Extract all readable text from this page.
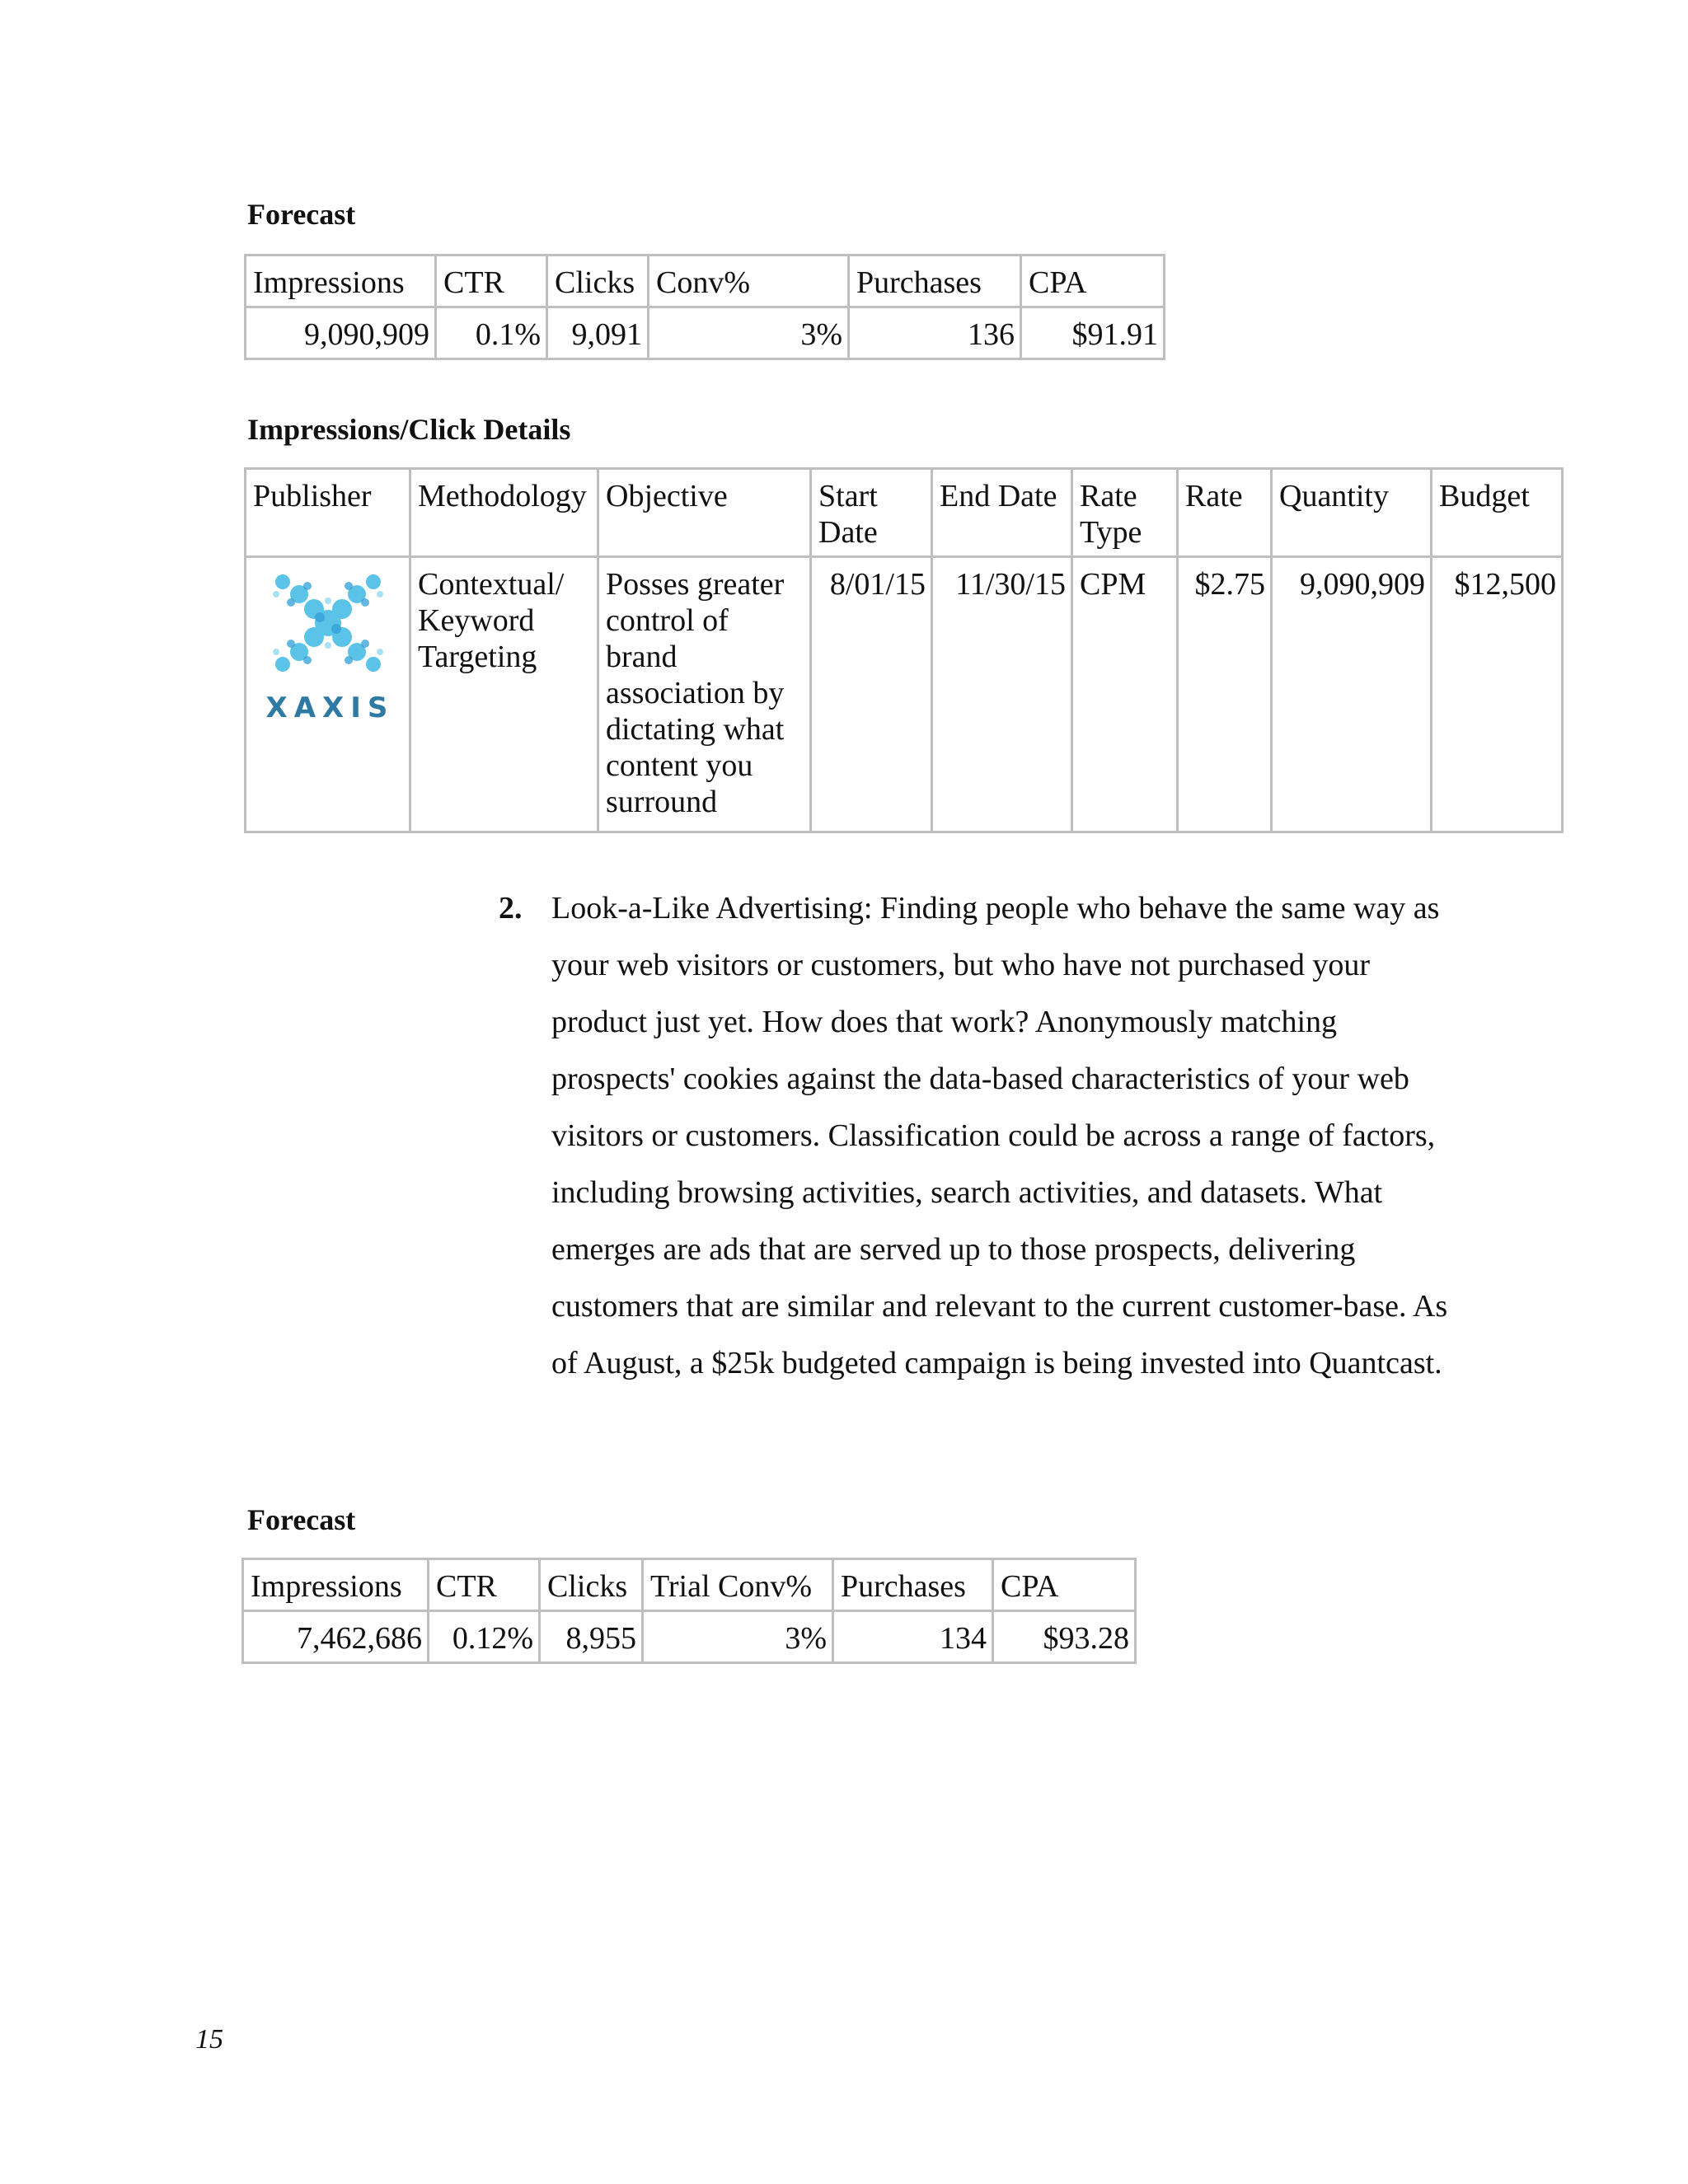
Forecast
Impressions	CTR	Clicks	Conv%	Purchases	CPA
9,090,909	0.1%	9,091	3%	136	$91.91
Impressions/Click Details
Publisher	Methodology	Objective	Start Date	End Date	Rate Type	Rate	Quantity	Budget

XAXIS	Contextual/ Keyword Targeting	Posses greater control of brand association by dictating what content you surround	8/01/15	11/30/15	CPM	$2.75	9,090,909	$12,500
2. Look-a-Like Advertising: Finding people who behave the same way as your web visitors or customers, but who have not purchased your product just yet. How does that work? Anonymously matching prospects' cookies against the data-based characteristics of your web visitors or customers. Classification could be across a range of factors, including browsing activities, search activities, and datasets. What emerges are ads that are served up to those prospects, delivering customers that are similar and relevant to the current customer-base. As of August, a $25k budgeted campaign is being invested into Quantcast.

Forecast
Impressions	CTR	Clicks	Trial Conv%	Purchases	CPA
7,462,686	0.12%	8,955	3%	134	$93.28
15
